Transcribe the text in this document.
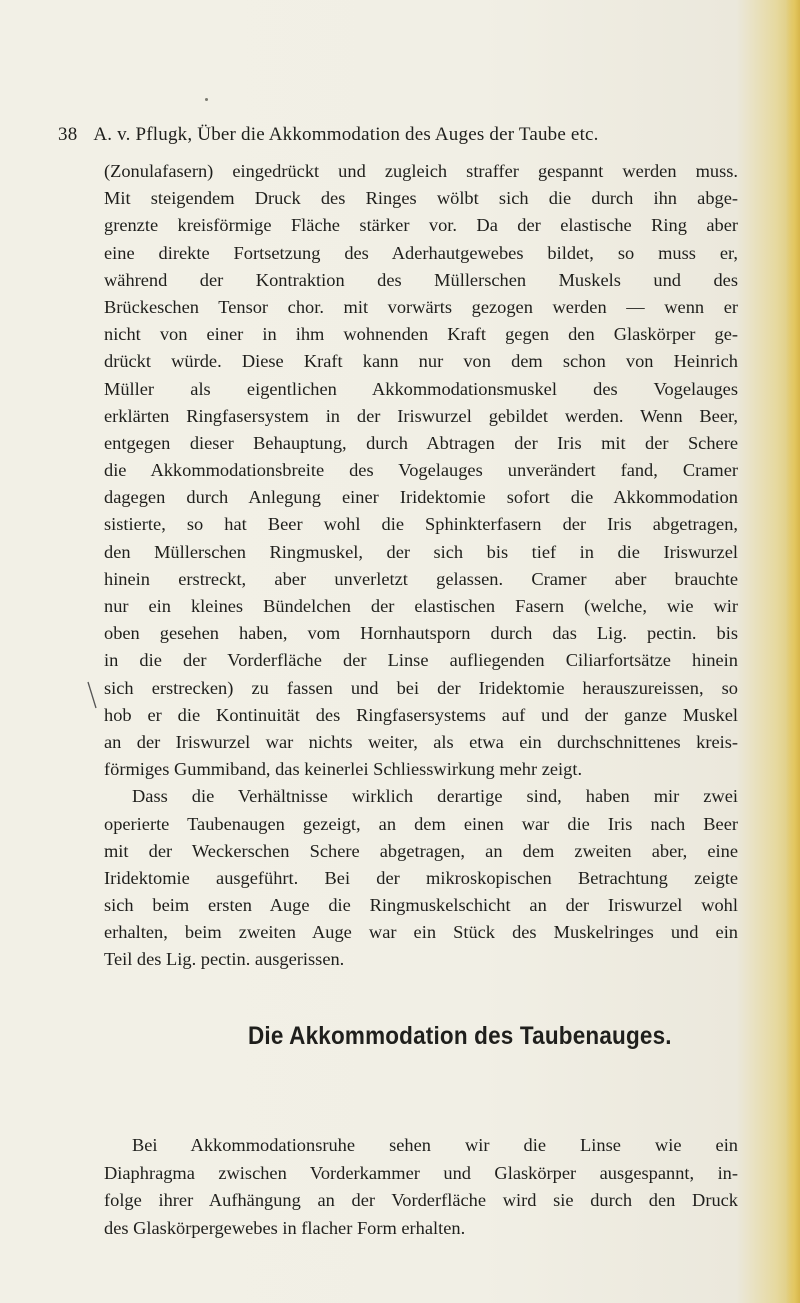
38 A. v. Pflugk, Über die Akkommodation des Auges der Taube etc.
(Zonulafasern) eingedrückt und zugleich straffer gespannt werden muss.
Mit steigendem Druck des Ringes wölbt sich die durch ihn abge-
grenzte kreisförmige Fläche stärker vor. Da der elastische Ring aber
eine direkte Fortsetzung des Aderhautgewebes bildet, so muss er,
während der Kontraktion des Müllerschen Muskels und des
Brückeschen Tensor chor. mit vorwärts gezogen werden — wenn er
nicht von einer in ihm wohnenden Kraft gegen den Glaskörper ge-
drückt würde. Diese Kraft kann nur von dem schon von Heinrich
Müller als eigentlichen Akkommodationsmuskel des Vogelauges
erklärten Ringfasersystem in der Iriswurzel gebildet werden. Wenn Beer,
entgegen dieser Behauptung, durch Abtragen der Iris mit der Schere
die Akkommodationsbreite des Vogelauges unverändert fand, Cramer
dagegen durch Anlegung einer Iridektomie sofort die Akkommodation
sistierte, so hat Beer wohl die Sphinkterfasern der Iris abgetragen,
den Müllerschen Ringmuskel, der sich bis tief in die Iriswurzel
hinein erstreckt, aber unverletzt gelassen. Cramer aber brauchte
nur ein kleines Bündelchen der elastischen Fasern (welche, wie wir
oben gesehen haben, vom Hornhautsporn durch das Lig. pectin. bis
in die der Vorderfläche der Linse aufliegenden Ciliarfortsätze hinein
sich erstrecken) zu fassen und bei der Iridektomie herauszureissen, so
hob er die Kontinuität des Ringfasersystems auf und der ganze Muskel
an der Iriswurzel war nichts weiter, als etwa ein durchschnittenes kreis-
förmiges Gummiband, das keinerlei Schliesswirkung mehr zeigt.
Dass die Verhältnisse wirklich derartige sind, haben mir zwei
operierte Taubenaugen gezeigt, an dem einen war die Iris nach Beer
mit der Weckerschen Schere abgetragen, an dem zweiten aber, eine
Iridektomie ausgeführt. Bei der mikroskopischen Betrachtung zeigte
sich beim ersten Auge die Ringmuskelschicht an der Iriswurzel wohl
erhalten, beim zweiten Auge war ein Stück des Muskelringes und ein
Teil des Lig. pectin. ausgerissen.
Die Akkommodation des Taubenauges.
Bei Akkommodationsruhe sehen wir die Linse wie ein
Diaphragma zwischen Vorderkammer und Glaskörper ausgespannt, in-
folge ihrer Aufhängung an der Vorderfläche wird sie durch den Druck
des Glaskörpergewebes in flacher Form erhalten.
